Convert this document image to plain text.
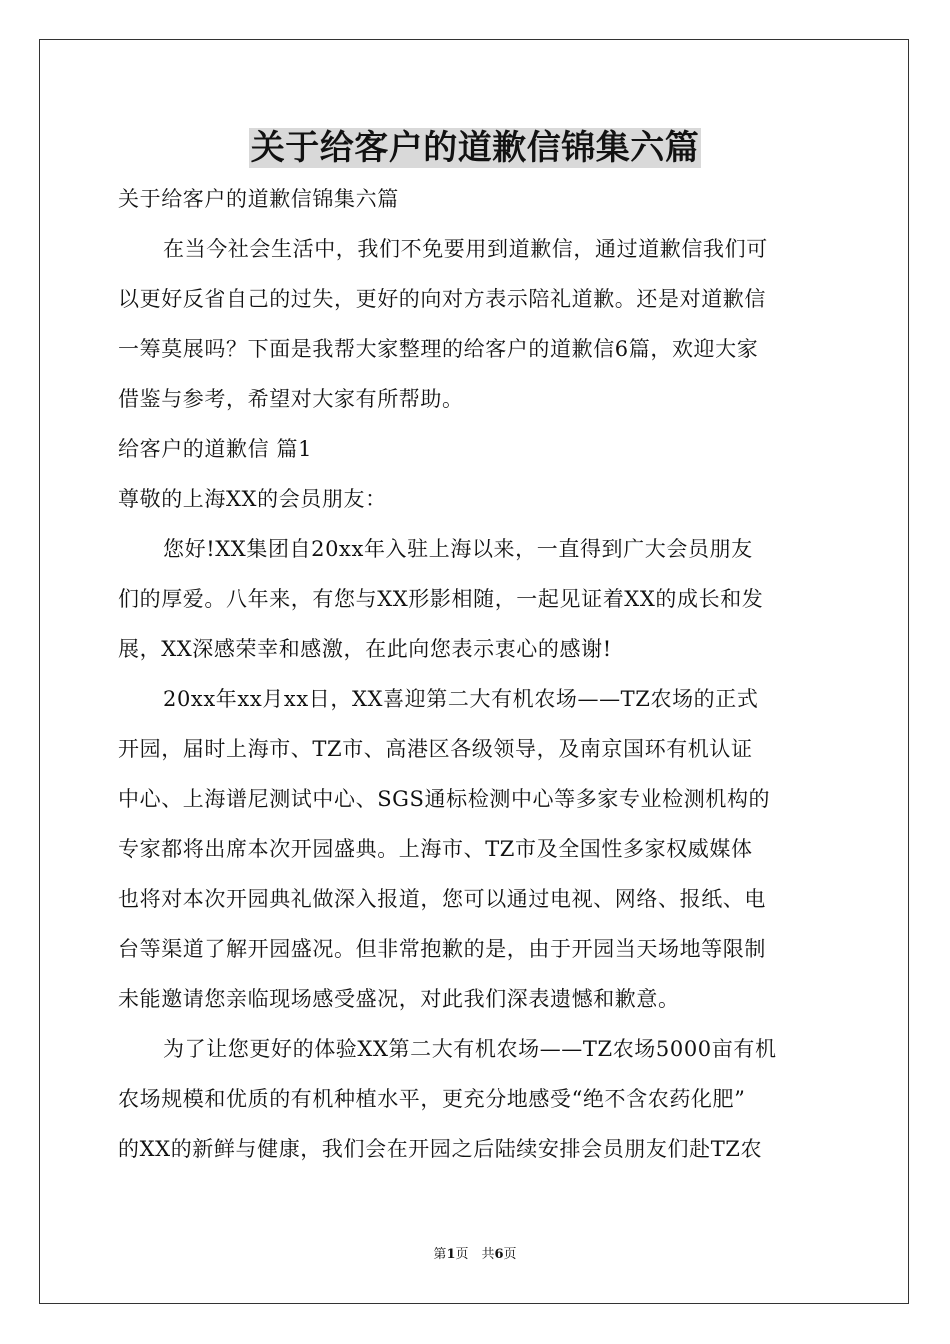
关于给客户的道歉信锦集六篇
关于给客户的道歉信锦集六篇
在当今社会生活中，我们不免要用到道歉信，通过道歉信我们可
以更好反省自己的过失，更好的向对方表示陪礼道歉。还是对道歉信
一筹莫展吗？下面是我帮大家整理的给客户的道歉信6篇，欢迎大家
借鉴与参考，希望对大家有所帮助。
给客户的道歉信 篇1
尊敬的上海XX的会员朋友：
您好!XX集团自20xx年入驻上海以来，一直得到广大会员朋友
们的厚爱。八年来，有您与XX形影相随，一起见证着XX的成长和发
展，XX深感荣幸和感激，在此向您表示衷心的感谢!
20xx年xx月xx日，XX喜迎第二大有机农场——TZ农场的正式
开园，届时上海市、TZ市、高港区各级领导，及南京国环有机认证
中心、上海谱尼测试中心、SGS通标检测中心等多家专业检测机构的
专家都将出席本次开园盛典。上海市、TZ市及全国性多家权威媒体
也将对本次开园典礼做深入报道，您可以通过电视、网络、报纸、电
台等渠道了解开园盛况。但非常抱歉的是，由于开园当天场地等限制
未能邀请您亲临现场感受盛况，对此我们深表遗憾和歉意。
为了让您更好的体验XX第二大有机农场——TZ农场5000亩有机
农场规模和优质的有机种植水平，更充分地感受“绝不含农药化肥”
的XX的新鲜与健康，我们会在开园之后陆续安排会员朋友们赴TZ农
第1页　共6页
